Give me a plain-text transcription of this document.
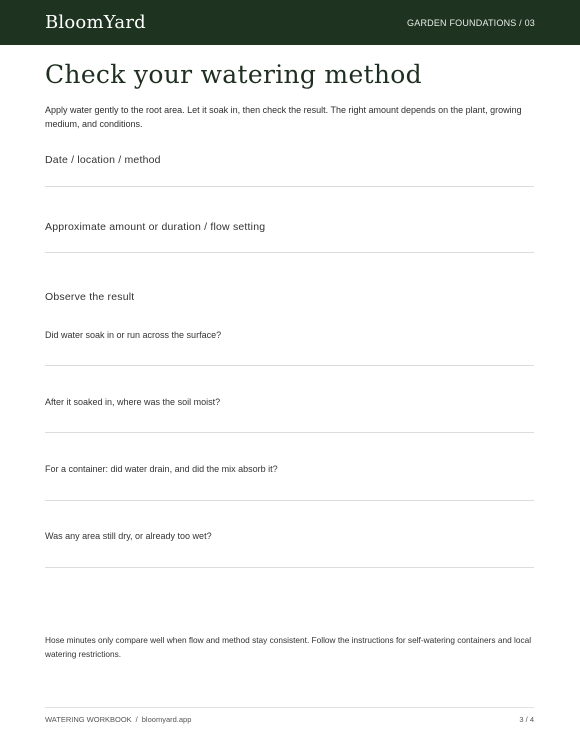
BloomYard	GARDEN FOUNDATIONS / 03
Check your watering method

Apply water gently to the root area. Let it soak in, then check the result. The right amount depends on the plant, growing medium, and conditions.

Date / location / method
Approximate amount or duration / flow setting
Observe the result
Did water soak in or run across the surface?
After it soaked in, where was the soil moist?
For a container: did water drain, and did the mix absorb it?
Was any area still dry, or already too wet?

Hose minutes only compare well when flow and method stay consistent. Follow the instructions for self-watering containers and local watering restrictions.

WATERING WORKBOOK / bloomyard.app	3 / 4
